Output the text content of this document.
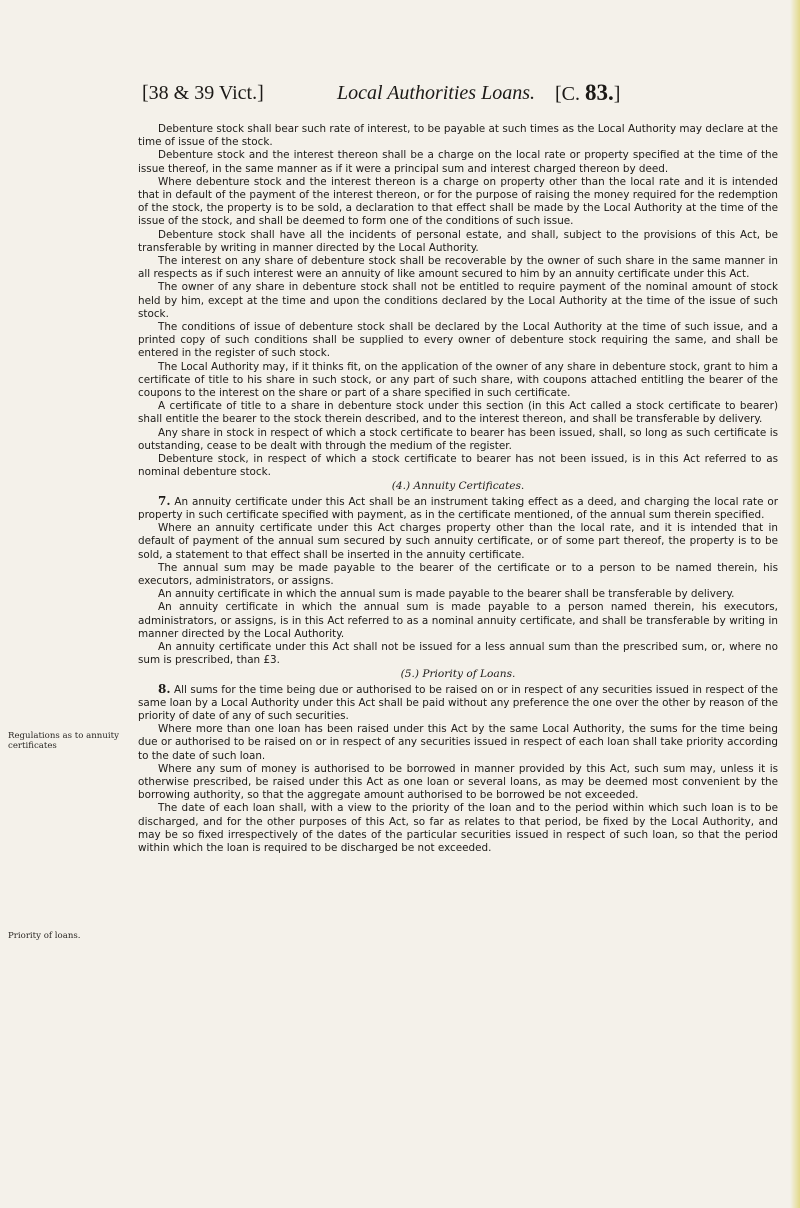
[38 & 39 Vict.]	Local Authorities Loans. [C. 83.]

Debenture stock shall bear such rate of interest, to be payable at such times as the Local Authority may declare at the time of issue of the stock.

Debenture stock and the interest thereon shall be a charge on the local rate or property specified at the time of the issue thereof, in the same manner as if it were a principal sum and interest charged thereon by deed.

Where debenture stock and the interest thereon is a charge on property other than the local rate and it is intended that in default of the payment of the interest thereon, or for the purpose of raising the money required for the redemption of the stock, the property is to be sold, a declaration to that effect shall be made by the Local Authority at the time of the issue of the stock, and shall be deemed to form one of the conditions of such issue.

Debenture stock shall have all the incidents of personal estate, and shall, subject to the provisions of this Act, be transferable by writing in manner directed by the Local Authority.

The interest on any share of debenture stock shall be recoverable by the owner of such share in the same manner in all respects as if such interest were an annuity of like amount secured to him by an annuity certificate under this Act.

The owner of any share in debenture stock shall not be entitled to require payment of the nominal amount of stock held by him, except at the time and upon the conditions declared by the Local Authority at the time of the issue of such stock.

The conditions of issue of debenture stock shall be declared by the Local Authority at the time of such issue, and a printed copy of such conditions shall be supplied to every owner of debenture stock requiring the same, and shall be entered in the register of such stock.

The Local Authority may, if it thinks fit, on the application of the owner of any share in debenture stock, grant to him a certificate of title to his share in such stock, or any part of such share, with coupons attached entitling the bearer of the coupons to the interest on the share or part of a share specified in such certificate.

A certificate of title to a share in debenture stock under this section (in this Act called a stock certificate to bearer) shall entitle the bearer to the stock therein described, and to the interest thereon, and shall be transferable by delivery.

Any share in stock in respect of which a stock certificate to bearer has been issued, shall, so long as such certificate is outstanding, cease to be dealt with through the medium of the register.

Debenture stock, in respect of which a stock certificate to bearer has not been issued, is in this Act referred to as nominal debenture stock.

(4.) Annuity Certificates.

7. An annuity certificate under this Act shall be an instrument taking effect as a deed, and charging the local rate or property in such certificate specified with payment, as in the certificate mentioned, of the annual sum therein specified.

Where an annuity certificate under this Act charges property other than the local rate, and it is intended that in default of payment of the annual sum secured by such annuity certificate, or of some part thereof, the property is to be sold, a statement to that effect shall be inserted in the annuity certificate.

The annual sum may be made payable to the bearer of the certificate or to a person to be named therein, his executors, administrators, or assigns.

An annuity certificate in which the annual sum is made payable to the bearer shall be transferable by delivery.

An annuity certificate in which the annual sum is made payable to a person named therein, his executors, administrators, or assigns, is in this Act referred to as a nominal annuity certificate, and shall be transferable by writing in manner directed by the Local Authority.

An annuity certificate under this Act shall not be issued for a less annual sum than the prescribed sum, or, where no sum is prescribed, than £3.

(5.) Priority of Loans.

8. All sums for the time being due or authorised to be raised on or in respect of any securities issued in respect of the same loan by a Local Authority under this Act shall be paid without any preference the one over the other by reason of the priority of date of any of such securities.

Where more than one loan has been raised under this Act by the same Local Authority, the sums for the time being due or authorised to be raised on or in respect of any securities issued in respect of each loan shall take priority according to the date of such loan.

Where any sum of money is authorised to be borrowed in manner provided by this Act, such sum may, unless it is otherwise prescribed, be raised under this Act as one loan or several loans, as may be deemed most convenient by the borrowing authority, so that the aggregate amount authorised to be borrowed be not exceeded.

The date of each loan shall, with a view to the priority of the loan and to the period within which such loan is to be discharged, and for the other purposes of this Act, so far as relates to that period, be fixed by the Local Authority, and may be so fixed irrespectively of the dates of the particular securities issued in respect of such loan, so that the period within which the loan is required to be discharged be not exceeded.

Regulations as to annuity certificates
Priority of loans.
